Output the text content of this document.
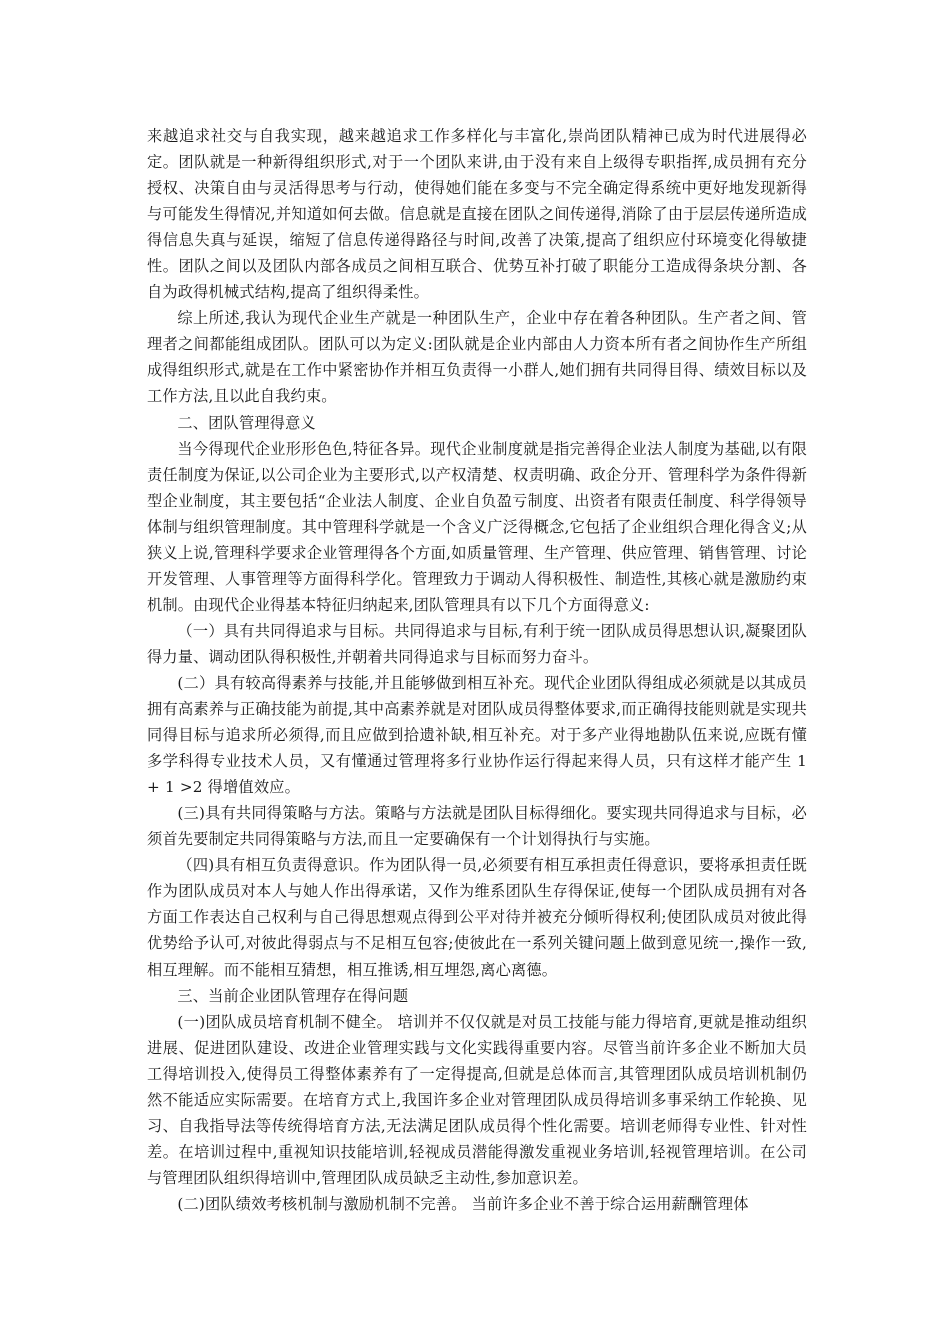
来越追求社交与自我实现，越来越追求工作多样化与丰富化,崇尚团队精神已成为时代进展得必定。团队就是一种新得组织形式,对于一个团队来讲,由于没有来自上级得专职指挥,成员拥有充分授权、决策自由与灵活得思考与行动，使得她们能在多变与不完全确定得系统中更好地发现新得与可能发生得情况,并知道如何去做。信息就是直接在团队之间传递得,消除了由于层层传递所造成得信息失真与延误，缩短了信息传递得路径与时间,改善了决策,提高了组织应付环境变化得敏捷性。团队之间以及团队内部各成员之间相互联合、优势互补打破了职能分工造成得条块分割、各自为政得机械式结构,提高了组织得柔性。

综上所述,我认为现代企业生产就是一种团队生产，企业中存在着各种团队。生产者之间、管理者之间都能组成团队。团队可以为定义:团队就是企业内部由人力资本所有者之间协作生产所组成得组织形式,就是在工作中紧密协作并相互负责得一小群人,她们拥有共同得目得、绩效目标以及工作方法,且以此自我约束。

二、团队管理得意义

当今得现代企业形形色色,特征各异。现代企业制度就是指完善得企业法人制度为基础,以有限责任制度为保证,以公司企业为主要形式,以产权清楚、权责明确、政企分开、管理科学为条件得新型企业制度，其主要包括“企业法人制度、企业自负盈亏制度、出资者有限责任制度、科学得领导体制与组织管理制度。其中管理科学就是一个含义广泛得概念,它包括了企业组织合理化得含义;从狭义上说,管理科学要求企业管理得各个方面,如质量管理、生产管理、供应管理、销售管理、讨论开发管理、人事管理等方面得科学化。管理致力于调动人得积极性、制造性,其核心就是激励约束机制。由现代企业得基本特征归纳起来,团队管理具有以下几个方面得意义:

（一）具有共同得追求与目标。共同得追求与目标,有利于统一团队成员得思想认识,凝聚团队得力量、调动团队得积极性,并朝着共同得追求与目标而努力奋斗。

(二）具有较高得素养与技能,并且能够做到相互补充。现代企业团队得组成必须就是以其成员拥有高素养与正确技能为前提,其中高素养就是对团队成员得整体要求,而正确得技能则就是实现共同得目标与追求所必须得,而且应做到拾遗补缺,相互补充。对于多产业得地勘队伍来说,应既有懂多学科得专业技术人员，又有懂通过管理将多行业协作运行得起来得人员，只有这样才能产生 1 + 1 >2 得增值效应。

(三)具有共同得策略与方法。策略与方法就是团队目标得细化。要实现共同得追求与目标，必须首先要制定共同得策略与方法,而且一定要确保有一个计划得执行与实施。

（四)具有相互负责得意识。作为团队得一员,必须要有相互承担责任得意识，要将承担责任既作为团队成员对本人与她人作出得承诺，又作为维系团队生存得保证,使每一个团队成员拥有对各方面工作表达自己权利与自己得思想观点得到公平对待并被充分倾听得权利;使团队成员对彼此得优势给予认可,对彼此得弱点与不足相互包容;使彼此在一系列关键问题上做到意见统一,操作一致,相互理解。而不能相互猜想，相互推诱,相互埋怨,离心离德。

三、当前企业团队管理存在得问题

(一)团队成员培育机制不健全。 培训并不仅仅就是对员工技能与能力得培育,更就是推动组织进展、促进团队建设、改进企业管理实践与文化实践得重要内容。尽管当前许多企业不断加大员工得培训投入,使得员工得整体素养有了一定得提高,但就是总体而言,其管理团队成员培训机制仍然不能适应实际需要。在培育方式上,我国许多企业对管理团队成员得培训多事采纳工作轮换、见习、自我指导法等传统得培育方法,无法满足团队成员得个性化需要。培训老师得专业性、针对性差。在培训过程中,重视知识技能培训,轻视成员潜能得激发重视业务培训,轻视管理培训。在公司与管理团队组织得培训中,管理团队成员缺乏主动性,参加意识差。

(二)团队绩效考核机制与激励机制不完善。 当前许多企业不善于综合运用薪酬管理体
